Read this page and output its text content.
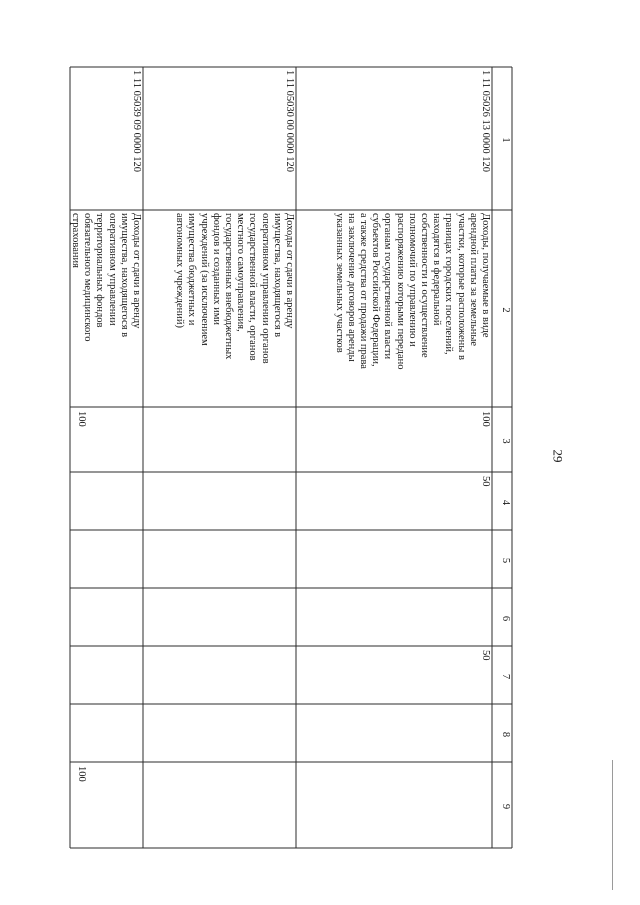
29
1
2
3
4
5
6
7
8
9
1 11 05026 13 0000 120
Доходы, получаемые в виде
арендной платы за земельные
участки, которые расположены в
границах городских поселений,
находятся в федеральной
собственности и осуществление
полномочий по управлению и
распоряжению которыми передано
органам государственной власти
субъектов Российской Федерации,
а также средства от продажи права
на заключение договоров аренды
указанных земельных участков
100
50
50
1 11 05030 00 0000 120
Доходы от сдачи в аренду
имущества, находящегося в
оперативном управлении органов
государственной власти, органов
местного самоуправления,
государственных внебюджетных
фондов и созданных ими
учреждений (за исключением
имущества бюджетных и
автономных учреждений)
1 11 05039 09 0000 120
Доходы от сдачи в аренду
имущества, находящегося в
оперативном управлении
территориальных фондов
обязательного медицинского
страхования
100
100
